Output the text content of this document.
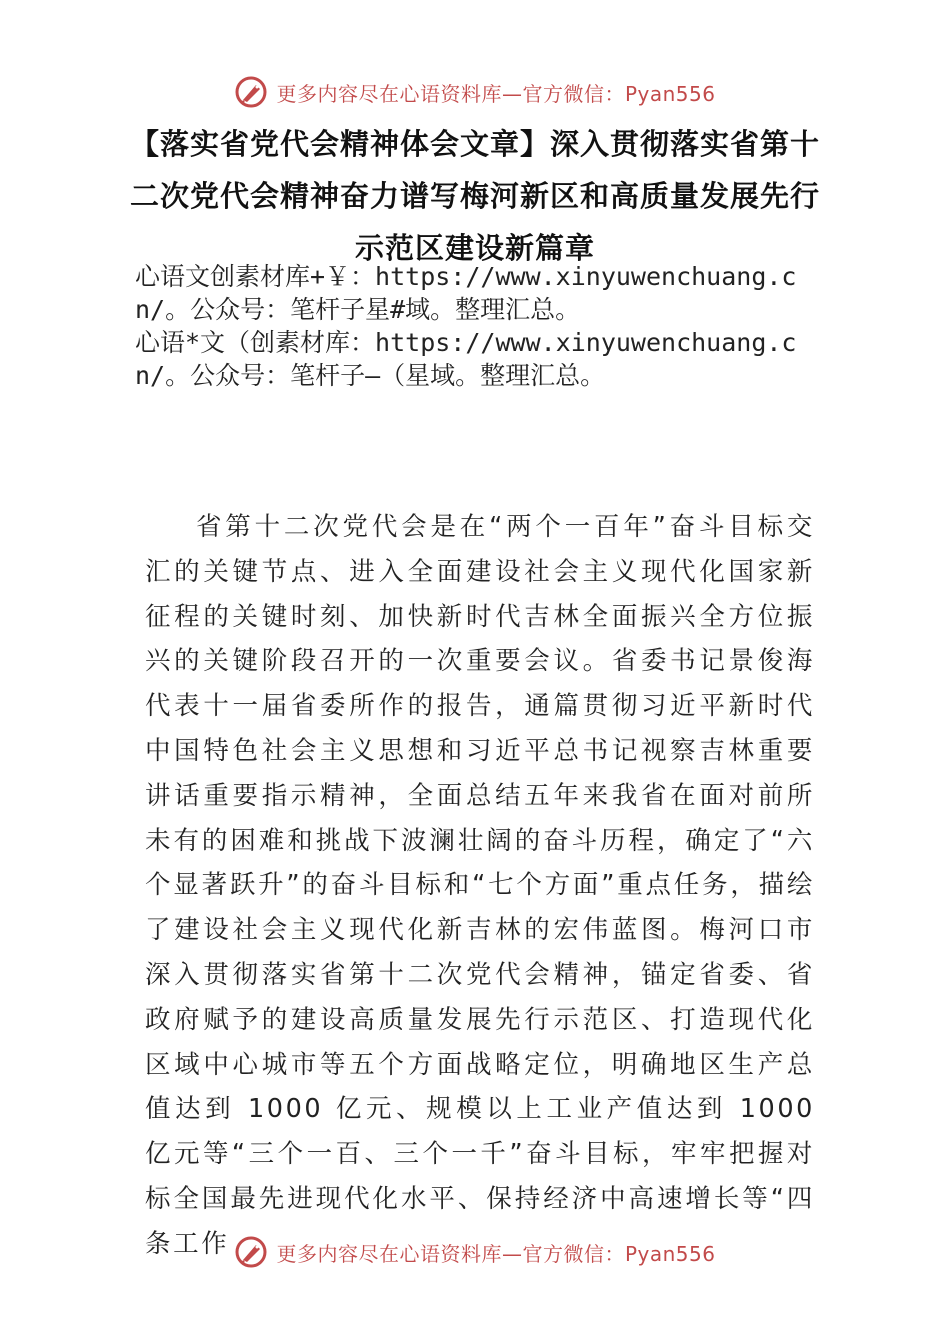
更多内容尽在心语资料库—官方微信：Pyan556
【落实省党代会精神体会文章】深入贯彻落实省第十二次党代会精神奋力谱写梅河新区和高质量发展先行示范区建设新篇章

心语文创素材库+￥：https://www.xinyuwenchuang.cn/。公众号：笔杆子星#域。整理汇总。

心语*文（创素材库：https://www.xinyuwenchuang.cn/。公众号：笔杆子—（星域。整理汇总。

省第十二次党代会是在“两个一百年”奋斗目标交汇的关键节点、进入全面建设社会主义现代化国家新征程的关键时刻、加快新时代吉林全面振兴全方位振兴的关键阶段召开的一次重要会议。省委书记景俊海代表十一届省委所作的报告，通篇贯彻习近平新时代中国特色社会主义思想和习近平总书记视察吉林重要讲话重要指示精神，全面总结五年来我省在面对前所未有的困难和挑战下波澜壮阔的奋斗历程，确定了“六个显著跃升”的奋斗目标和“七个方面”重点任务，描绘了建设社会主义现代化新吉林的宏伟蓝图。梅河口市深入贯彻落实省第十二次党代会精神，锚定省委、省政府赋予的建设高质量发展先行示范区、打造现代化区域中心城市等五个方面战略定位，明确地区生产总值达到 1000 亿元、规模以上工业产值达到 1000 亿元等“三个一百、三个一千”奋斗目标，牢牢把握对标全国最先进现代化水平、保持经济中高速增长等“四条工作	更多内容尽在心语资料库—官方微信：Pyan556
